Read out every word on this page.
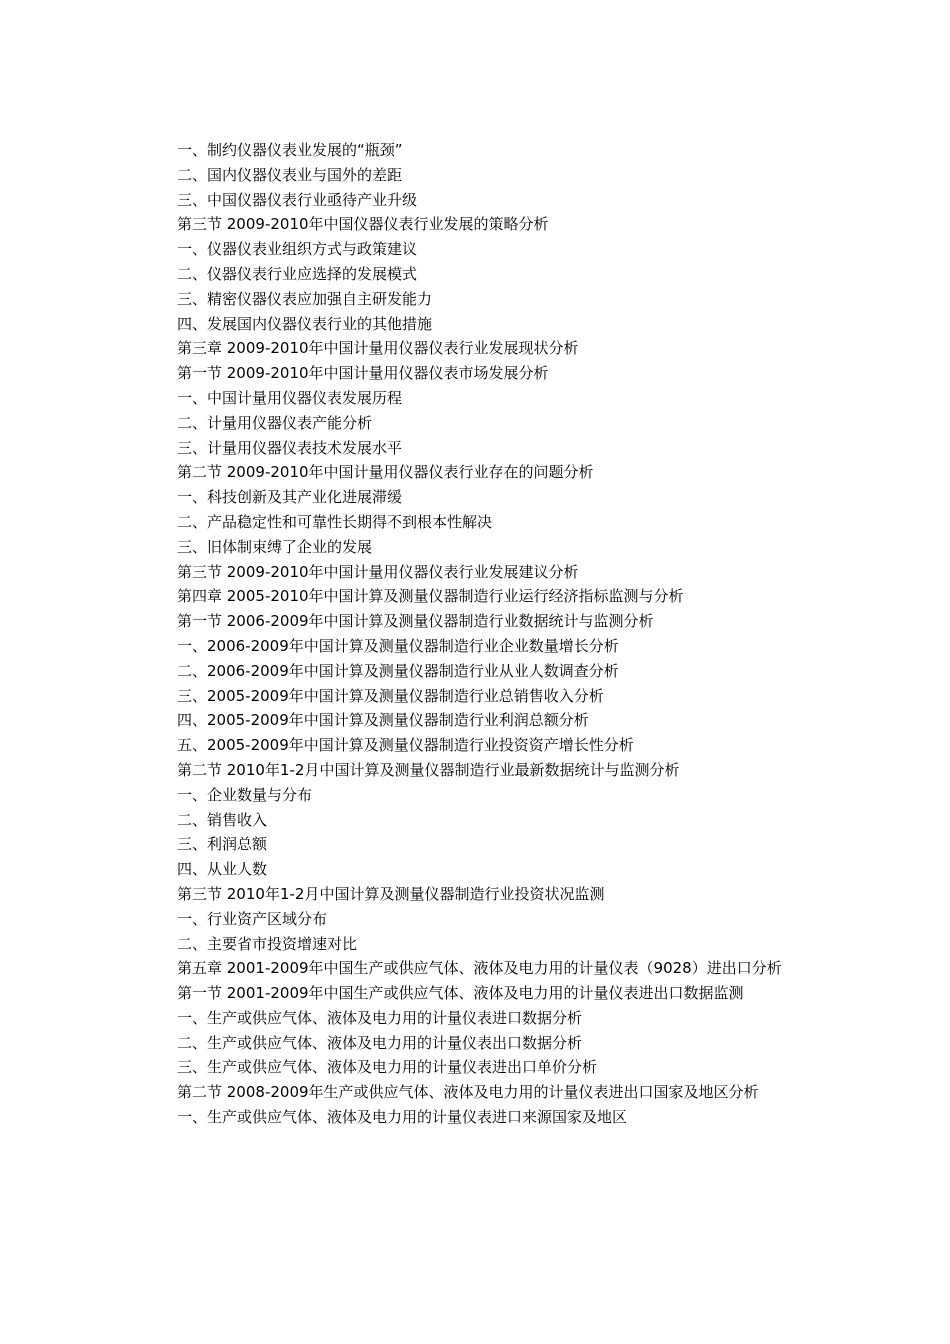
一、制约仪器仪表业发展的“瓶颈”
二、国内仪器仪表业与国外的差距
三、中国仪器仪表行业亟待产业升级
第三节 2009-2010年中国仪器仪表行业发展的策略分析
一、仪器仪表业组织方式与政策建议
二、仪器仪表行业应选择的发展模式
三、精密仪器仪表应加强自主研发能力
四、发展国内仪器仪表行业的其他措施
第三章 2009-2010年中国计量用仪器仪表行业发展现状分析
第一节 2009-2010年中国计量用仪器仪表市场发展分析
一、中国计量用仪器仪表发展历程
二、计量用仪器仪表产能分析
三、计量用仪器仪表技术发展水平
第二节 2009-2010年中国计量用仪器仪表行业存在的问题分析
一、科技创新及其产业化进展滞缓
二、产品稳定性和可靠性长期得不到根本性解决
三、旧体制束缚了企业的发展
第三节 2009-2010年中国计量用仪器仪表行业发展建议分析
第四章 2005-2010年中国计算及测量仪器制造行业运行经济指标监测与分析
第一节 2006-2009年中国计算及测量仪器制造行业数据统计与监测分析
一、2006-2009年中国计算及测量仪器制造行业企业数量增长分析
二、2006-2009年中国计算及测量仪器制造行业从业人数调查分析
三、2005-2009年中国计算及测量仪器制造行业总销售收入分析
四、2005-2009年中国计算及测量仪器制造行业利润总额分析
五、2005-2009年中国计算及测量仪器制造行业投资资产增长性分析
第二节 2010年1-2月中国计算及测量仪器制造行业最新数据统计与监测分析
一、企业数量与分布
二、销售收入
三、利润总额
四、从业人数
第三节 2010年1-2月中国计算及测量仪器制造行业投资状况监测
一、行业资产区域分布
二、主要省市投资增速对比
第五章 2001-2009年中国生产或供应气体、液体及电力用的计量仪表（9028）进出口分析
第一节 2001-2009年中国生产或供应气体、液体及电力用的计量仪表进出口数据监测
一、生产或供应气体、液体及电力用的计量仪表进口数据分析
二、生产或供应气体、液体及电力用的计量仪表出口数据分析
三、生产或供应气体、液体及电力用的计量仪表进出口单价分析
第二节 2008-2009年生产或供应气体、液体及电力用的计量仪表进出口国家及地区分析
一、生产或供应气体、液体及电力用的计量仪表进口来源国家及地区
